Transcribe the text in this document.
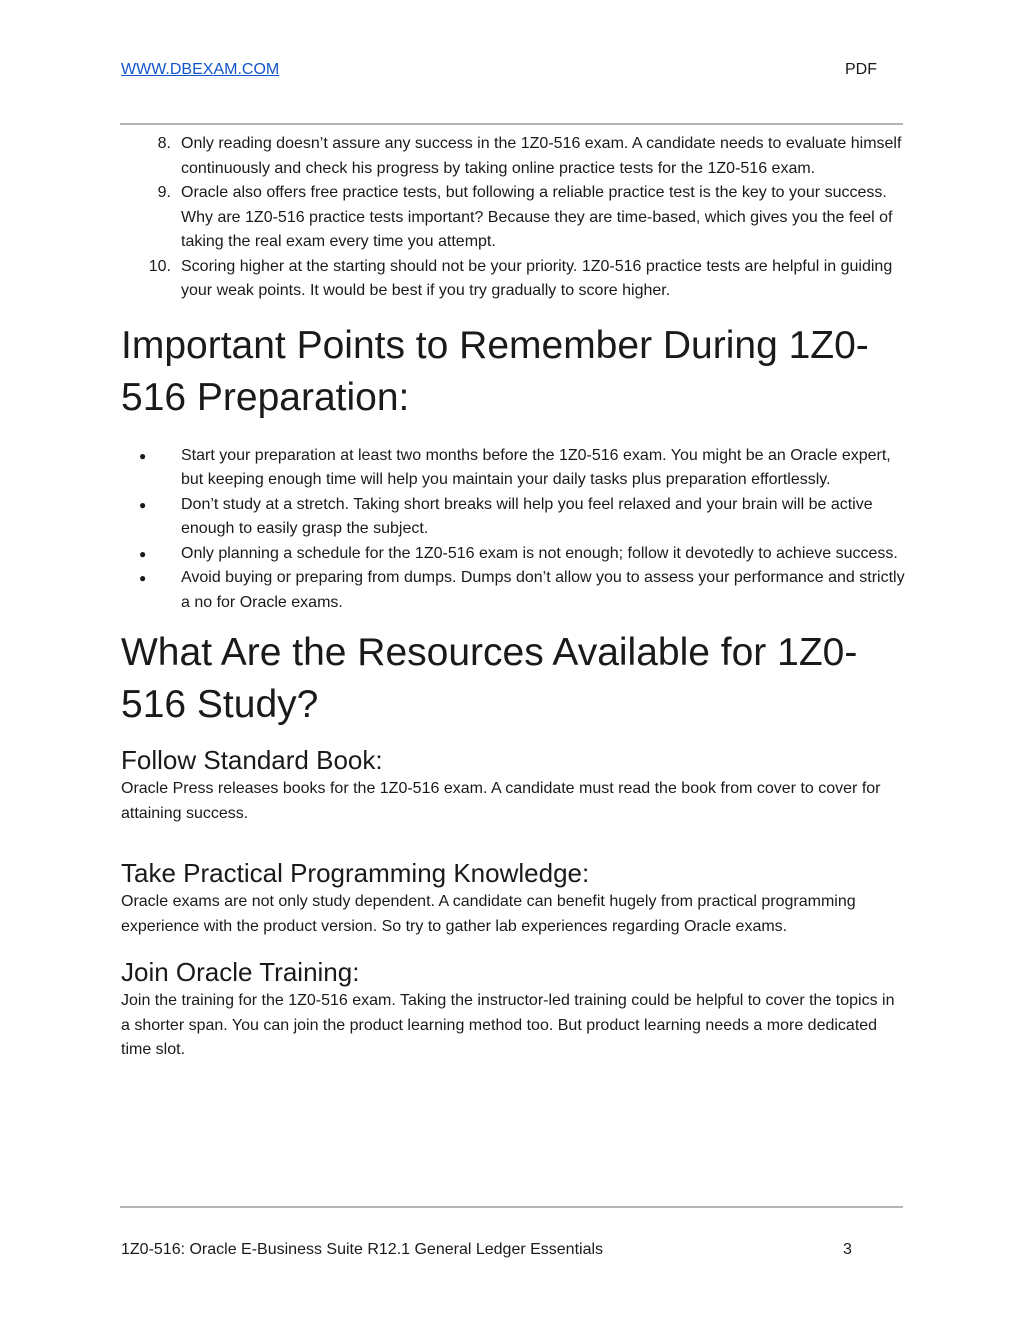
WWW.DBEXAM.COM	PDF
8. Only reading doesn’t assure any success in the 1Z0-516 exam. A candidate needs to evaluate himself continuously and check his progress by taking online practice tests for the 1Z0-516 exam.
9. Oracle also offers free practice tests, but following a reliable practice test is the key to your success. Why are 1Z0-516 practice tests important? Because they are time-based, which gives you the feel of taking the real exam every time you attempt.
10. Scoring higher at the starting should not be your priority. 1Z0-516 practice tests are helpful in guiding your weak points. It would be best if you try gradually to score higher.
Important Points to Remember During 1Z0-
516 Preparation:
● Start your preparation at least two months before the 1Z0-516 exam. You might be an Oracle expert, but keeping enough time will help you maintain your daily tasks plus preparation effortlessly.
● Don’t study at a stretch. Taking short breaks will help you feel relaxed and your brain will be active enough to easily grasp the subject.
● Only planning a schedule for the 1Z0-516 exam is not enough; follow it devotedly to achieve success.
● Avoid buying or preparing from dumps. Dumps don’t allow you to assess your performance and strictly a no for Oracle exams.
What Are the Resources Available for 1Z0-
516 Study?
Follow Standard Book:

Oracle Press releases books for the 1Z0-516 exam. A candidate must read the book from cover to cover for attaining success.

Take Practical Programming Knowledge:

Oracle exams are not only study dependent. A candidate can benefit hugely from practical programming experience with the product version. So try to gather lab experiences regarding Oracle exams.

Join Oracle Training:

Join the training for the 1Z0-516 exam. Taking the instructor-led training could be helpful to cover the topics in a shorter span. You can join the product learning method too. But product learning needs a more dedicated time slot.

1Z0-516: Oracle E-Business Suite R12.1 General Ledger Essentials	3
